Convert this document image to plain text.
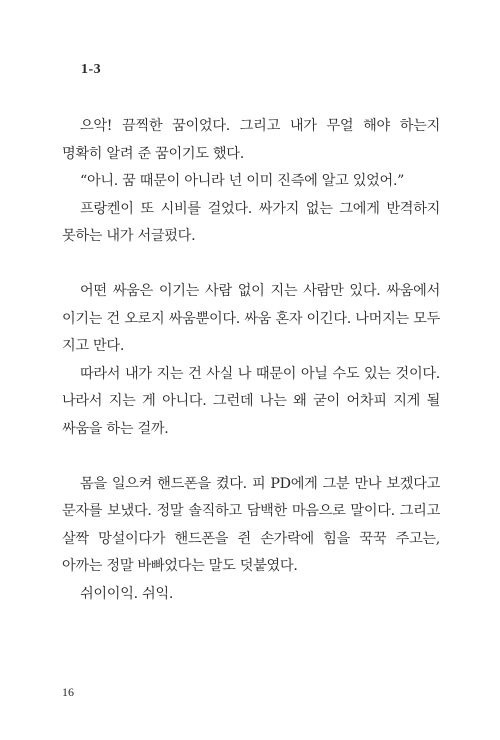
1-3

으악! 끔찍한 꿈이었다. 그리고 내가 무얼 해야 하는지 명확히 알려 준 꿈이기도 했다.

“아니. 꿈 때문이 아니라 넌 이미 진즉에 알고 있었어.”

프랑켄이 또 시비를 걸었다. 싸가지 없는 그에게 반격하지 못하는 내가 서글펐다.

어떤 싸움은 이기는 사람 없이 지는 사람만 있다. 싸움에서 이기는 건 오로지 싸움뿐이다. 싸움 혼자 이긴다. 나머지는 모두 지고 만다.

따라서 내가 지는 건 사실 나 때문이 아닐 수도 있는 것이다. 나라서 지는 게 아니다. 그런데 나는 왜 굳이 어차피 지게 될 싸움을 하는 걸까.

몸을 일으켜 핸드폰을 켰다. 피 PD에게 그분 만나 보겠다고 문자를 보냈다. 정말 솔직하고 담백한 마음으로 말이다. 그리고 살짝 망설이다가 핸드폰을 쥔 손가락에 힘을 꾹꾹 주고는, 아까는 정말 바빠었다는 말도 덧붙였다.

쉬이이익. 쉬익.

16
